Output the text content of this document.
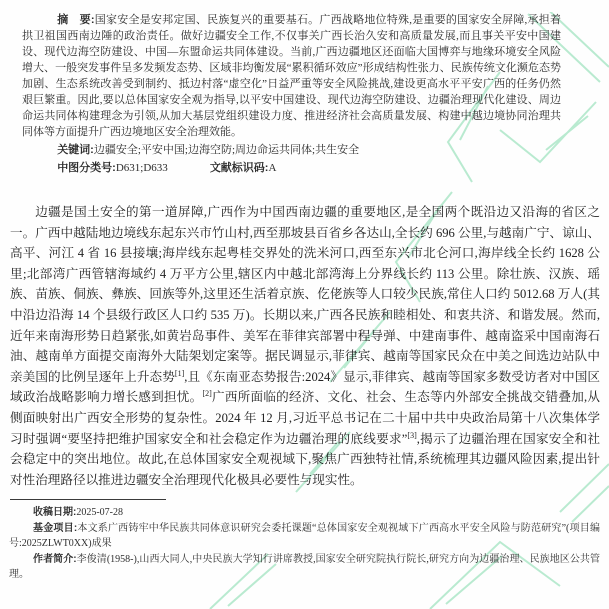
摘　要:国家安全是安邦定国、民族复兴的重要基石。广西战略地位特殊,是重要的国家安全屏障,承担着拱卫祖国西南边陲的政治责任。做好边疆安全工作,不仅事关广西长治久安和高质量发展,而且事关平安中国建设、现代边海空防建设、中国—东盟命运共同体建设。当前,广西边疆地区还面临大国博弈与地缘环境安全风险增大、一般突发事件呈多发频发态势、区域非均衡发展“累积循环效应”形成结构性张力、民族传统文化濒危态势加剧、生态系统改善受到制约、抵边村落“虚空化”日益严重等安全风险挑战,建设更高水平平安广西的任务仍然艰巨繁重。因此,要以总体国家安全观为指导,以平安中国建设、现代边海空防建设、边疆治理现代化建设、周边命运共同体构建理念为引领,从加大基层党组织建设力度、推进经济社会高质量发展、构建中越边境协同治理共同体等方面提升广西边境地区安全治理效能。

关键词:边疆安全;平安中国;边海空防;周边命运共同体;共生安全

中图分类号:D631;D633	文献标识码:A

边疆是国土安全的第一道屏障,广西作为中国西南边疆的重要地区,是全国两个既沿边又沿海的省区之一。广西中越陆地边境线东起东兴市竹山村,西至那坡县百省乡各达山,全长约 696 公里,与越南广宁、谅山、高平、河江 4 省 16 县接壤;海岸线东起粤桂交界处的洗米河口,西至东兴市北仑河口,海岸线全长约 1628 公里;北部湾广西管辖海域约 4 万平方公里,辖区内中越北部湾海上分界线长约 113 公里。除壮族、汉族、瑶族、苗族、侗族、彝族、回族等外,这里还生活着京族、仡佬族等人口较少民族,常住人口约 5012.68 万人(其中沿边沿海 14 个县级行政区人口约 535 万)。长期以来,广西各民族和睦相处、和衷共济、和谐发展。然而,近年来南海形势日趋紧张,如黄岩岛事件、美军在菲律宾部署中程导弹、中建南事件、越南盗采中国南海石油、越南单方面提交南海外大陆架划定案等。据民调显示,菲律宾、越南等国家民众在中美之间选边站队中亲美国的比例呈逐年上升态势[1],且《东南亚态势报告:2024》显示,菲律宾、越南等国家多数受访者对中国区域政治战略影响力增长感到担忧。[2]广西所面临的经济、文化、社会、生态等内外部安全挑战交错叠加,从侧面映射出广西安全形势的复杂性。2024 年 12 月,习近平总书记在二十届中共中央政治局第十八次集体学习时强调“要坚持把维护国家安全和社会稳定作为边疆治理的底线要求”[3],揭示了边疆治理在国家安全和社会稳定中的突出地位。故此,在总体国家安全观视域下,聚焦广西独特社情,系统梳理其边疆风险因素,提出针对性治理路径以推进边疆安全治理现代化极具必要性与现实性。

收稿日期:2025-07-28

基金项目:本文系广西铸牢中华民族共同体意识研究会委托课题“总体国家安全观视域下广西高水平安全风险与防范研究”(项目编号:2025ZLWT0XX)成果

作者简介:李俊清(1958-),山西大同人,中央民族大学知行讲席教授,国家安全研究院执行院长,研究方向为边疆治理、民族地区公共管理。
